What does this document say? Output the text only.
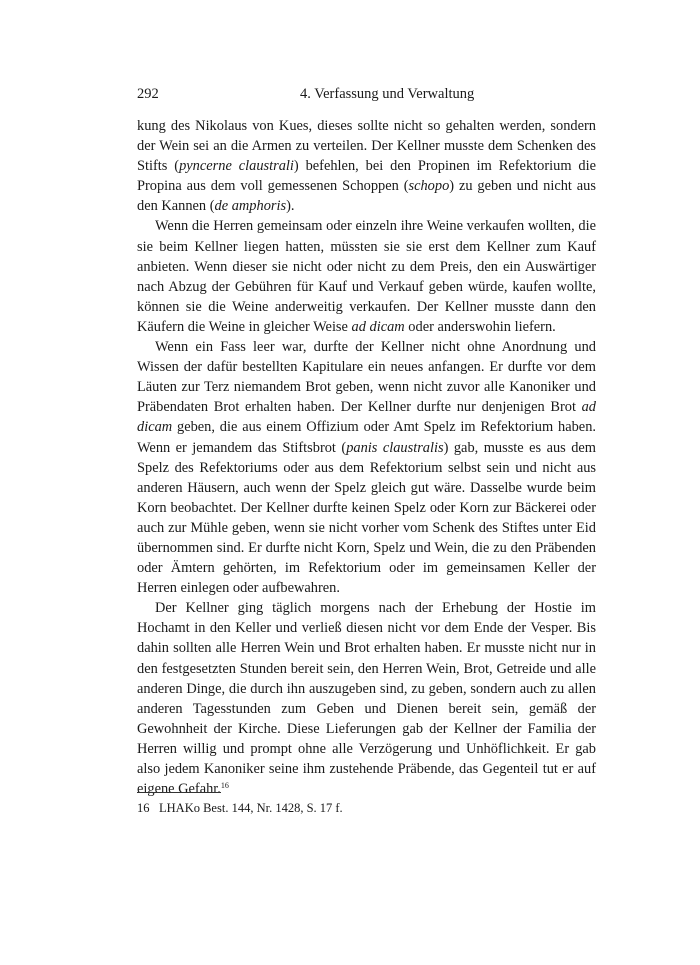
292	4. Verfassung und Verwaltung

kung des Nikolaus von Kues, dieses sollte nicht so gehalten werden, sondern der Wein sei an die Armen zu verteilen. Der Kellner musste dem Schenken des Stifts (pyncerne claustrali) befehlen, bei den Propinen im Refektorium die Propina aus dem voll gemessenen Schoppen (schopo) zu geben und nicht aus den Kannen (de amphoris).

Wenn die Herren gemeinsam oder einzeln ihre Weine verkaufen wollten, die sie beim Kellner liegen hatten, müssten sie sie erst dem Kellner zum Kauf anbieten. Wenn dieser sie nicht oder nicht zu dem Preis, den ein Auswärtiger nach Abzug der Gebühren für Kauf und Verkauf geben würde, kaufen wollte, können sie die Weine anderweitig verkaufen. Der Kellner musste dann den Käufern die Weine in gleicher Weise ad dicam oder anderswohin liefern.

Wenn ein Fass leer war, durfte der Kellner nicht ohne Anordnung und Wissen der dafür bestellten Kapitulare ein neues anfangen. Er durfte vor dem Läuten zur Terz niemandem Brot geben, wenn nicht zuvor alle Kanoniker und Präbendaten Brot erhalten haben. Der Kellner durfte nur denjenigen Brot ad dicam geben, die aus einem Offizium oder Amt Spelz im Refektorium haben. Wenn er jemandem das Stiftsbrot (panis claustralis) gab, musste es aus dem Spelz des Refektoriums oder aus dem Refektorium selbst sein und nicht aus anderen Häusern, auch wenn der Spelz gleich gut wäre. Dasselbe wurde beim Korn beobachtet. Der Kellner durfte keinen Spelz oder Korn zur Bäckerei oder auch zur Mühle geben, wenn sie nicht vorher vom Schenk des Stiftes unter Eid übernommen sind. Er durfte nicht Korn, Spelz und Wein, die zu den Präbenden oder Ämtern gehörten, im Refektorium oder im gemeinsamen Keller der Herren einlegen oder aufbewahren.

Der Kellner ging täglich morgens nach der Erhebung der Hostie im Hochamt in den Keller und verließ diesen nicht vor dem Ende der Vesper. Bis dahin sollten alle Herren Wein und Brot erhalten haben. Er musste nicht nur in den festgesetzten Stunden bereit sein, den Herren Wein, Brot, Getreide und alle anderen Dinge, die durch ihn auszugeben sind, zu geben, sondern auch zu allen anderen Tagesstunden zum Geben und Dienen bereit sein, gemäß der Gewohnheit der Kirche. Diese Lieferungen gab der Kellner der Familia der Herren willig und prompt ohne alle Verzögerung und Unhöflichkeit. Er gab also jedem Kanoniker seine ihm zustehende Präbende, das Gegenteil tut er auf eigene Gefahr.$^{16}$

16 LHAKo Best. 144, Nr. 1428, S. 17 f.
